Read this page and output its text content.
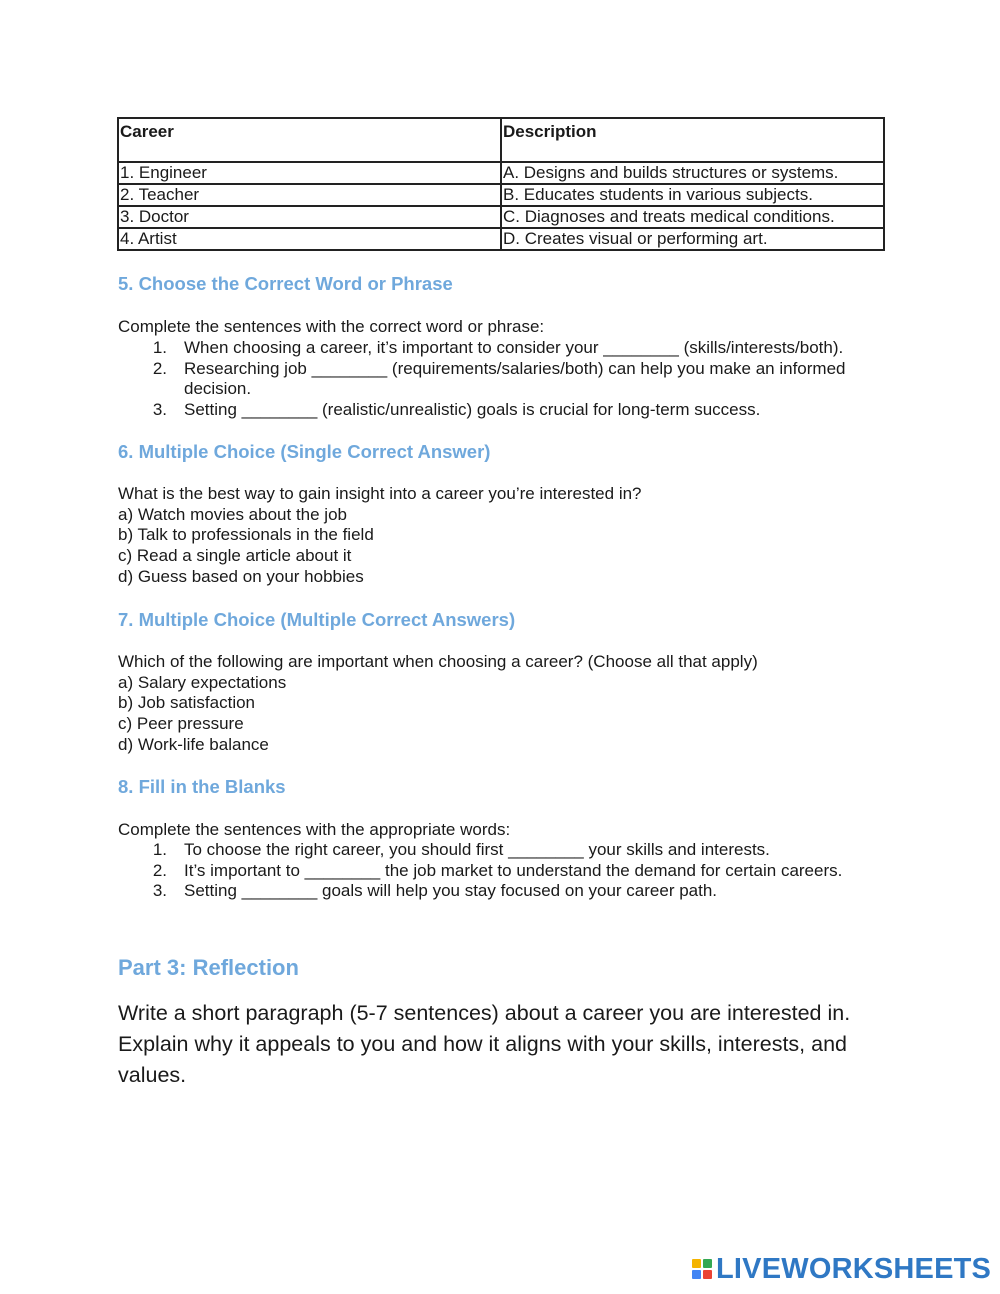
Career	Description
1. Engineer	A. Designs and builds structures or systems.
2. Teacher	B. Educates students in various subjects.
3. Doctor	C. Diagnoses and treats medical conditions.
4. Artist	D. Creates visual or performing art.
5. Choose the Correct Word or Phrase
Complete the sentences with the correct word or phrase:
1.	When choosing a career, it’s important to consider your ________ (skills/interests/both).
2.	Researching job ________ (requirements/salaries/both) can help you make an informed decision.
3.	Setting ________ (realistic/unrealistic) goals is crucial for long-term success.
6. Multiple Choice (Single Correct Answer)
What is the best way to gain insight into a career you’re interested in?
a) Watch movies about the job
b) Talk to professionals in the field
c) Read a single article about it
d) Guess based on your hobbies
7. Multiple Choice (Multiple Correct Answers)
Which of the following are important when choosing a career? (Choose all that apply)
a) Salary expectations
b) Job satisfaction
c) Peer pressure
d) Work-life balance
8. Fill in the Blanks
Complete the sentences with the appropriate words:
1.	To choose the right career, you should first ________ your skills and interests.
2.	It’s important to ________ the job market to understand the demand for certain careers.
3.	Setting ________ goals will help you stay focused on your career path.
Part 3: Reflection
Write a short paragraph (5-7 sentences) about a career you are interested in. Explain why it appeals to you and how it aligns with your skills, interests, and values.
LIVEWORKSHEETS
